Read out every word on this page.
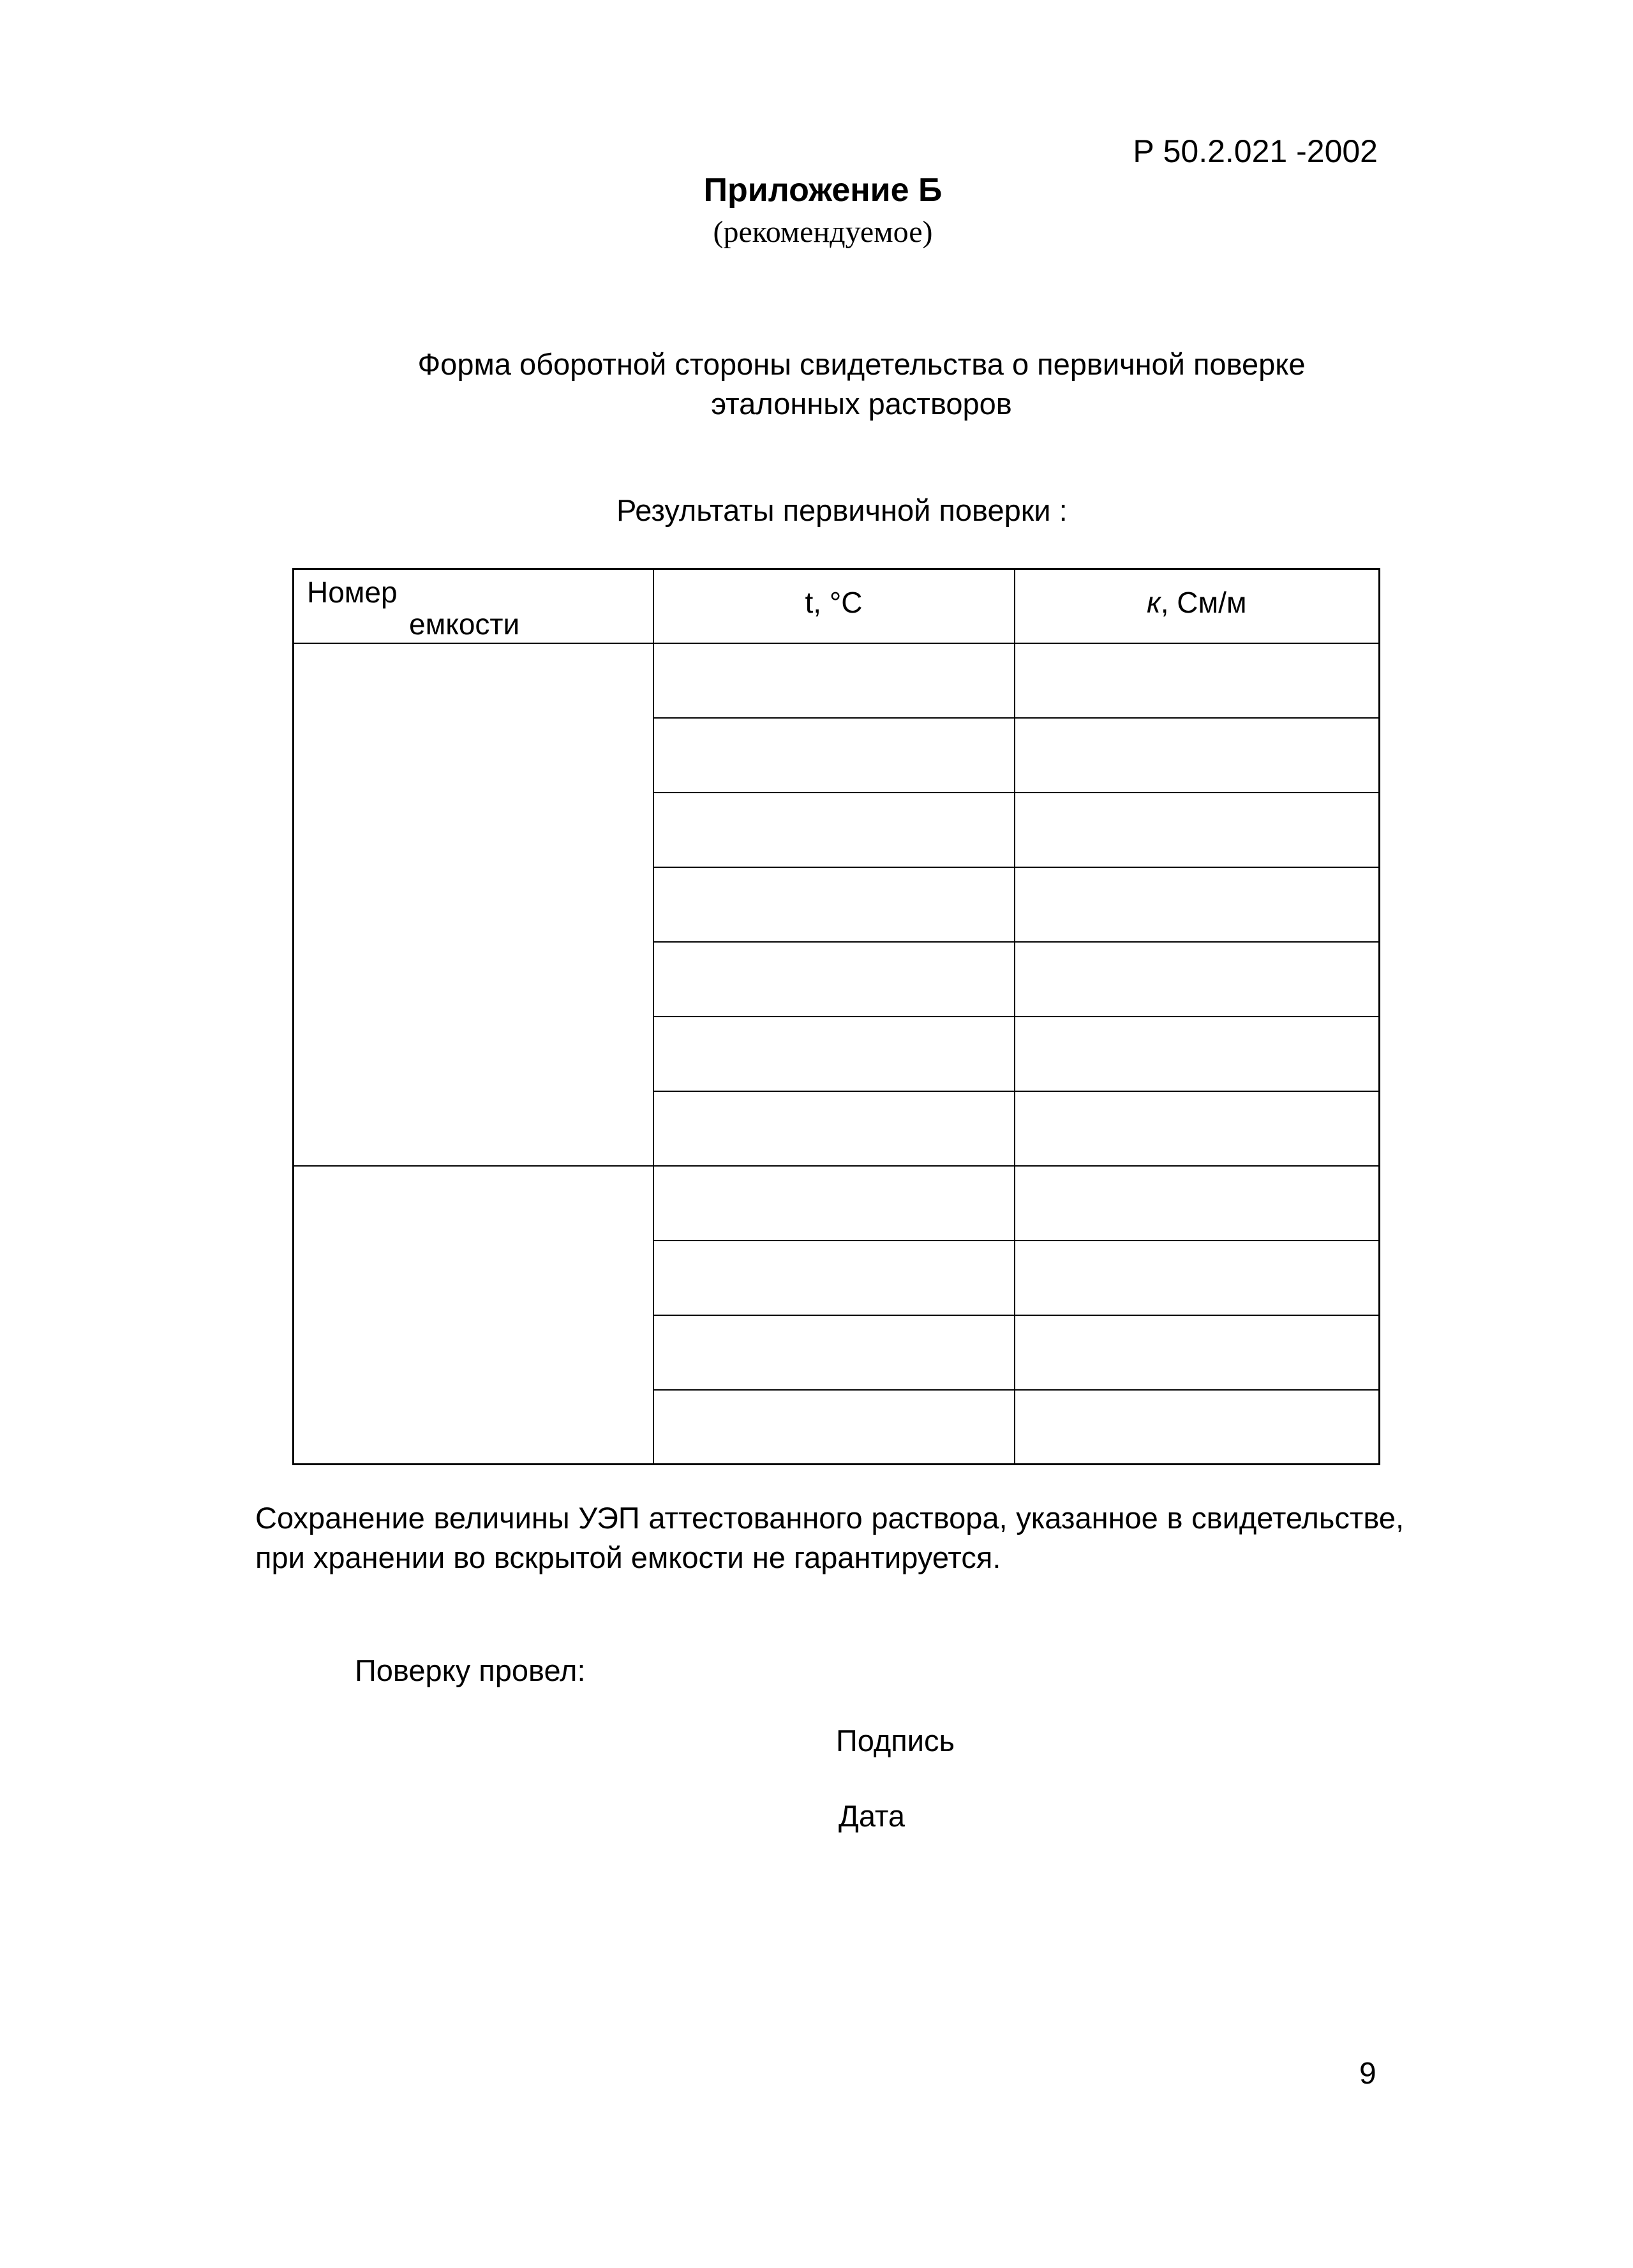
Р 50.2.021 -2002
Приложение Б
(рекомендуемое)
Форма оборотной стороны свидетельства о первичной поверке эталонных растворов
Результаты первичной поверки :
Номер
емкости	t, °C	к, См/м

Сохранение величины УЭП аттестованного раствора, указанное в свидетельстве, при хранении во вскрытой емкости не гарантируется.
Поверку провел:
Подпись
Дата
9
